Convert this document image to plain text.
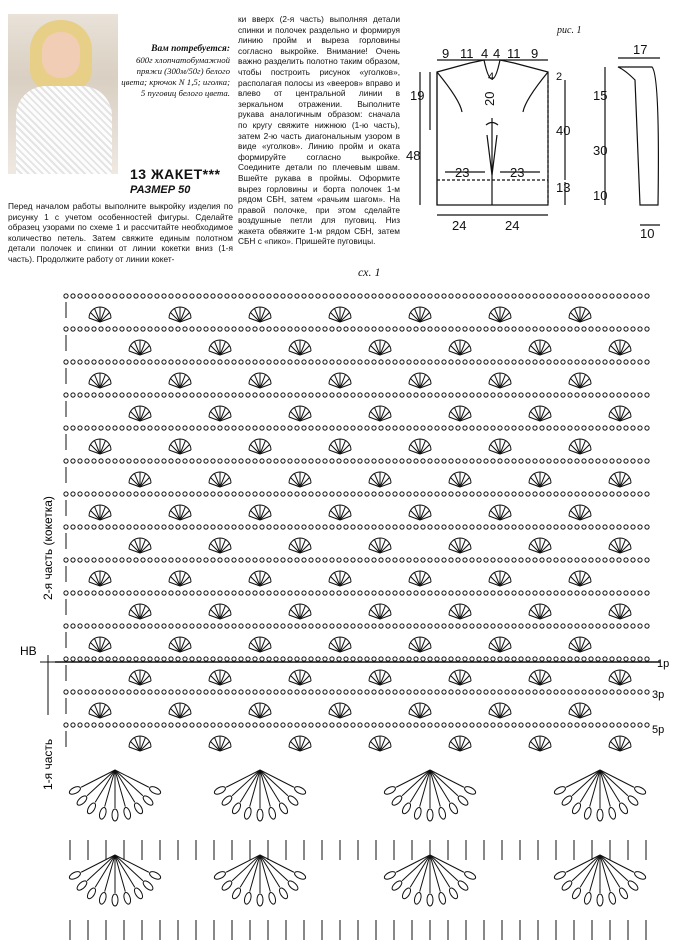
Вам потребуется:
600г хлопчатобумажной пряжи (300м/50г) белого цвета; крючок N 1,5; иголка; 5 пуговиц белого цвета.
13 ЖАКЕТ***
РАЗМЕР 50
Перед началом работы выполните выкройку изделия по рисунку 1 с учетом особенностей фигуры. Сделайте образец узорами по схеме 1 и рассчитайте необходимое количество петель. Затем свяжите единым полотном детали полочек и спинки от линии кокетки вниз (1-я часть). Продолжите работу от линии кокет-
ки вверх (2-я часть) выполняя детали спинки и полочек раздельно и формируя линию пройм и выреза горловины согласно выкройке. Внимание! Очень важно разделить полотно таким образом, чтобы построить рисунок «уголков», располагая полосы из «вееров» вправо и влево от центральной линии в зеркальном отражении. Выполните рукава аналогичным образом: сначала по кругу свяжите нижнюю (1-ю часть), затем 2-ю часть диагональным узором в виде «уголков». Линию пройм и оката формируйте согласно выкройке. Соедините детали по плечевым швам. Вшейте рукава в проймы. Оформите вырез горловины и борта полочек 1-м рядом СБН, затем «рачьим шагом». На правой полочке, при этом сделайте воздушные петли для пуговиц. Низ жакета обвяжите 1-м рядом СБН, затем СБН с «пико». Пришейте пуговицы.
рис. 1
9 11 4 4 11 9
4	2
20
19
48
40
13
23	23
24	24
17
15
30
10
10
сх. 1
2-я часть (кокетка)
1-я часть
НВ
1р
3р
5р
